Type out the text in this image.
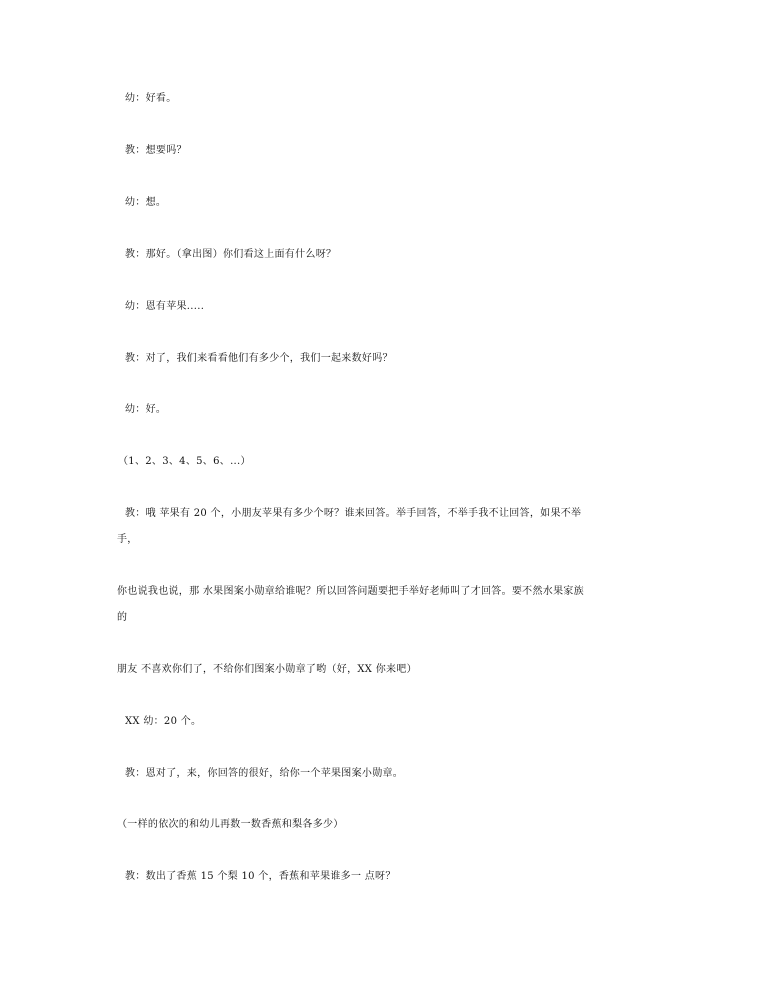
幼：好看。
教：想要吗？
幼：想。
教：那好。（拿出图）你们看这上面有什么呀？
幼：恩有苹果.....
教：对了，我们来看看他们有多少个，我们一起来数好吗？
幼：好。
（1、2、3、4、5、6、...）
教：哦 苹果有 20 个，小朋友苹果有多少个呀？谁来回答。举手回答，不举手我不让回答，如果不举
手，
你也说我也说，那 水果图案小勋章给谁呢？所以回答问题要把手举好老师叫了才回答。要不然水果家族
的
朋友 不喜欢你们了，不给你们图案小勋章了哟（好，XX 你来吧）
XX 幼：20 个。
教：恩对了，来，你回答的很好，给你一个苹果图案小勋章。
（一样的依次的和幼儿再数一数香蕉和梨各多少）
教：数出了香蕉 15 个梨 10 个，香蕉和苹果谁多一 点呀？
